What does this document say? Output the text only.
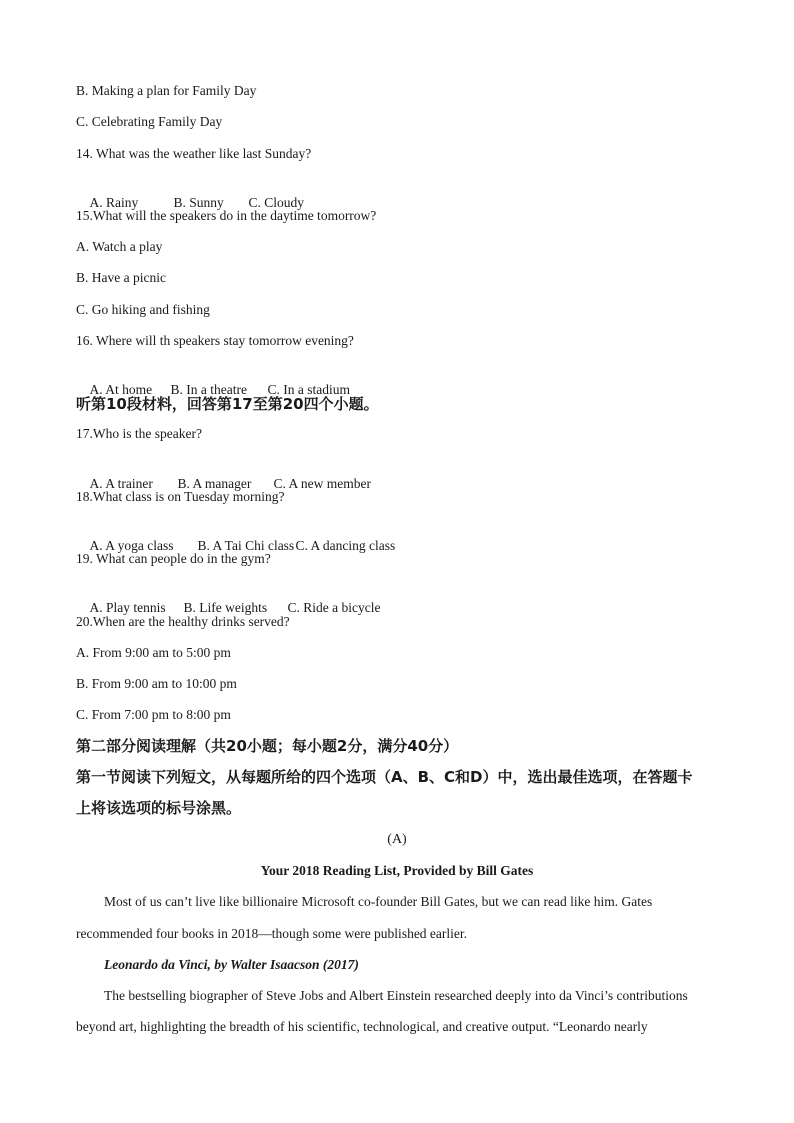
B. Making a plan for Family Day

C. Celebrating Family Day

14. What was the weather like last Sunday?

A. Rainy	B. Sunny C. Cloudy

15.What will the speakers do in the daytime tomorrow?

A. Watch a play

B. Have a picnic

C. Go hiking and fishing

16. Where will th speakers stay tomorrow evening?

A. At home B. In a theatre C. In a stadium

听第10段材料，回答第17至第20四个小题。

17.Who is the speaker?

A. A trainer B. A manager C. A new member

18.What class is on Tuesday morning?

A. A yoga class B. A Tai Chi classC. A dancing class

19. What can people do in the gym?

A. Play tennis B. Life weights C. Ride a bicycle

20.When are the healthy drinks served?

A. From 9:00 am to 5:00 pm

B. From 9:00 am to 10:00 pm

C. From 7:00 pm to 8:00 pm

第二部分阅读理解（共20小题；每小题2分，满分40分）
第一节阅读下列短文，从每题所给的四个选项（A、B、C和D）中，选出最佳选项，在答题卡
上将该选项的标号涂黑。
(A)
Your 2018 Reading List, Provided by Bill Gates
Most of us can’t live like billionaire Microsoft co-founder Bill Gates, but we can read like him. Gates
recommended four books in 2018—though some were published earlier.
Leonardo da Vinci, by Walter Isaacson (2017)
The bestselling biographer of Steve Jobs and Albert Einstein researched deeply into da Vinci’s contributions
beyond art, highlighting the breadth of his scientific, technological, and creative output. “Leonardo nearly
